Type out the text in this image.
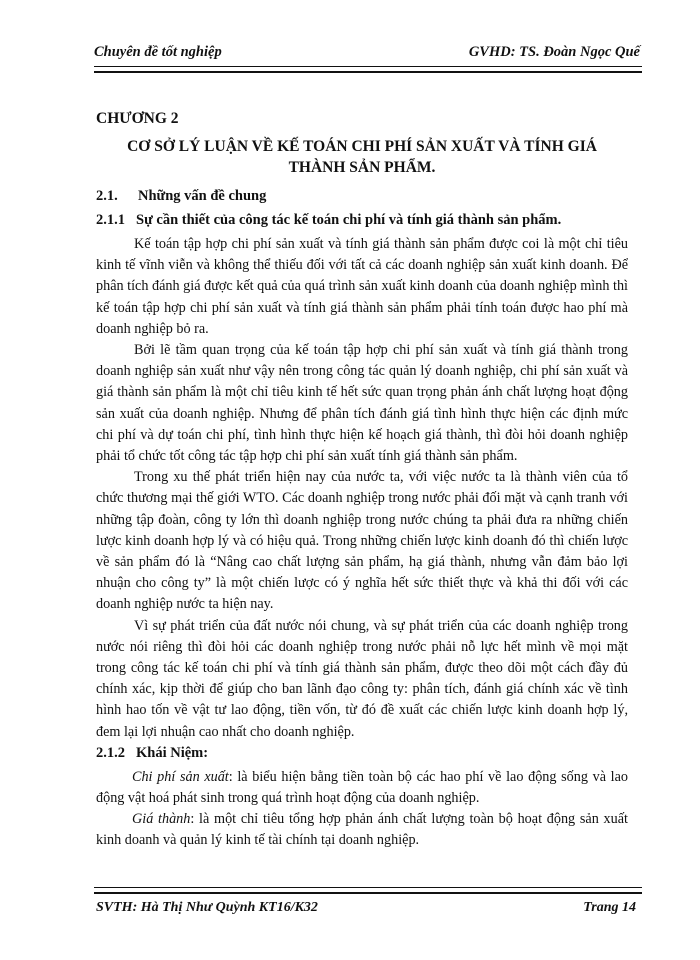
Chuyên đề tốt nghiệp	GVHD: TS. Đoàn Ngọc Quế
CHƯƠNG 2
CƠ SỞ LÝ LUẬN VỀ KẾ TOÁN CHI PHÍ SẢN XUẤT VÀ TÍNH GIÁ THÀNH SẢN PHẨM.
2.1. Những vấn đề chung
2.1.1 Sự cần thiết của công tác kế toán chi phí và tính giá thành sản phẩm.

Kế toán tập hợp chi phí sản xuất và tính giá thành sản phẩm được coi là một chỉ tiêu kinh tế vĩnh viễn và không thể thiếu đối với tất cả các doanh nghiệp sản xuất kinh doanh. Để phân tích đánh giá được kết quả của quá trình sản xuất kinh doanh của doanh nghiệp mình thì kế toán tập hợp chi phí sản xuất và tính giá thành sản phẩm phải tính toán được hao phí mà doanh nghiệp bỏ ra.

Bởi lẽ tầm quan trọng của kế toán tập hợp chi phí sản xuất và tính giá thành trong doanh nghiệp sản xuất như vậy nên trong công tác quản lý doanh nghiệp, chi phí sản xuất và giá thành sản phẩm là một chỉ tiêu kinh tế hết sức quan trọng phản ánh chất lượng hoạt động sản xuất của doanh nghiệp. Nhưng để phân tích đánh giá tình hình thực hiện các định mức chi phí và dự toán chi phí, tình hình thực hiện kế hoạch giá thành, thì đòi hỏi doanh nghiệp phải tổ chức tốt công tác tập hợp chi phí sản xuất tính giá thành sản phẩm.

Trong xu thế phát triển hiện nay của nước ta, với việc nước ta là thành viên của tổ chức thương mại thế giới WTO. Các doanh nghiệp trong nước phải đối mặt và cạnh tranh với những tập đoàn, công ty lớn thì doanh nghiệp trong nước chúng ta phải đưa ra những chiến lược kinh doanh hợp lý và có hiệu quả. Trong những chiến lược kinh doanh đó thì chiến lược về sản phẩm đó là “Nâng cao chất lượng sản phẩm, hạ giá thành, nhưng vẫn đảm bảo lợi nhuận cho công ty” là một chiến lược có ý nghĩa hết sức thiết thực và khả thi đối với các doanh nghiệp nước ta hiện nay.

Vì sự phát triển của đất nước nói chung, và sự phát triển của các doanh nghiệp trong nước nói riêng thì đòi hỏi các doanh nghiệp trong nước phải nỗ lực hết mình về mọi mặt trong công tác kế toán chi phí và tính giá thành sản phẩm, được theo dõi một cách đầy đủ chính xác, kịp thời để giúp cho ban lãnh đạo công ty: phân tích, đánh giá chính xác về tình hình hao tốn về vật tư lao động, tiền vốn, từ đó đề xuất các chiến lược kinh doanh hợp lý, đem lại lợi nhuận cao nhất cho doanh nghiệp.

2.1.2 Khái Niệm:

Chi phí sản xuất: là biểu hiện bằng tiền toàn bộ các hao phí về lao động sống và lao động vật hoá phát sinh trong quá trình hoạt động của doanh nghiệp.

Giá thành: là một chỉ tiêu tổng hợp phản ánh chất lượng toàn bộ hoạt động sản xuất kinh doanh và quản lý kinh tế tài chính tại doanh nghiệp.

SVTH: Hà Thị Như Quỳnh KT16/K32	Trang 14
